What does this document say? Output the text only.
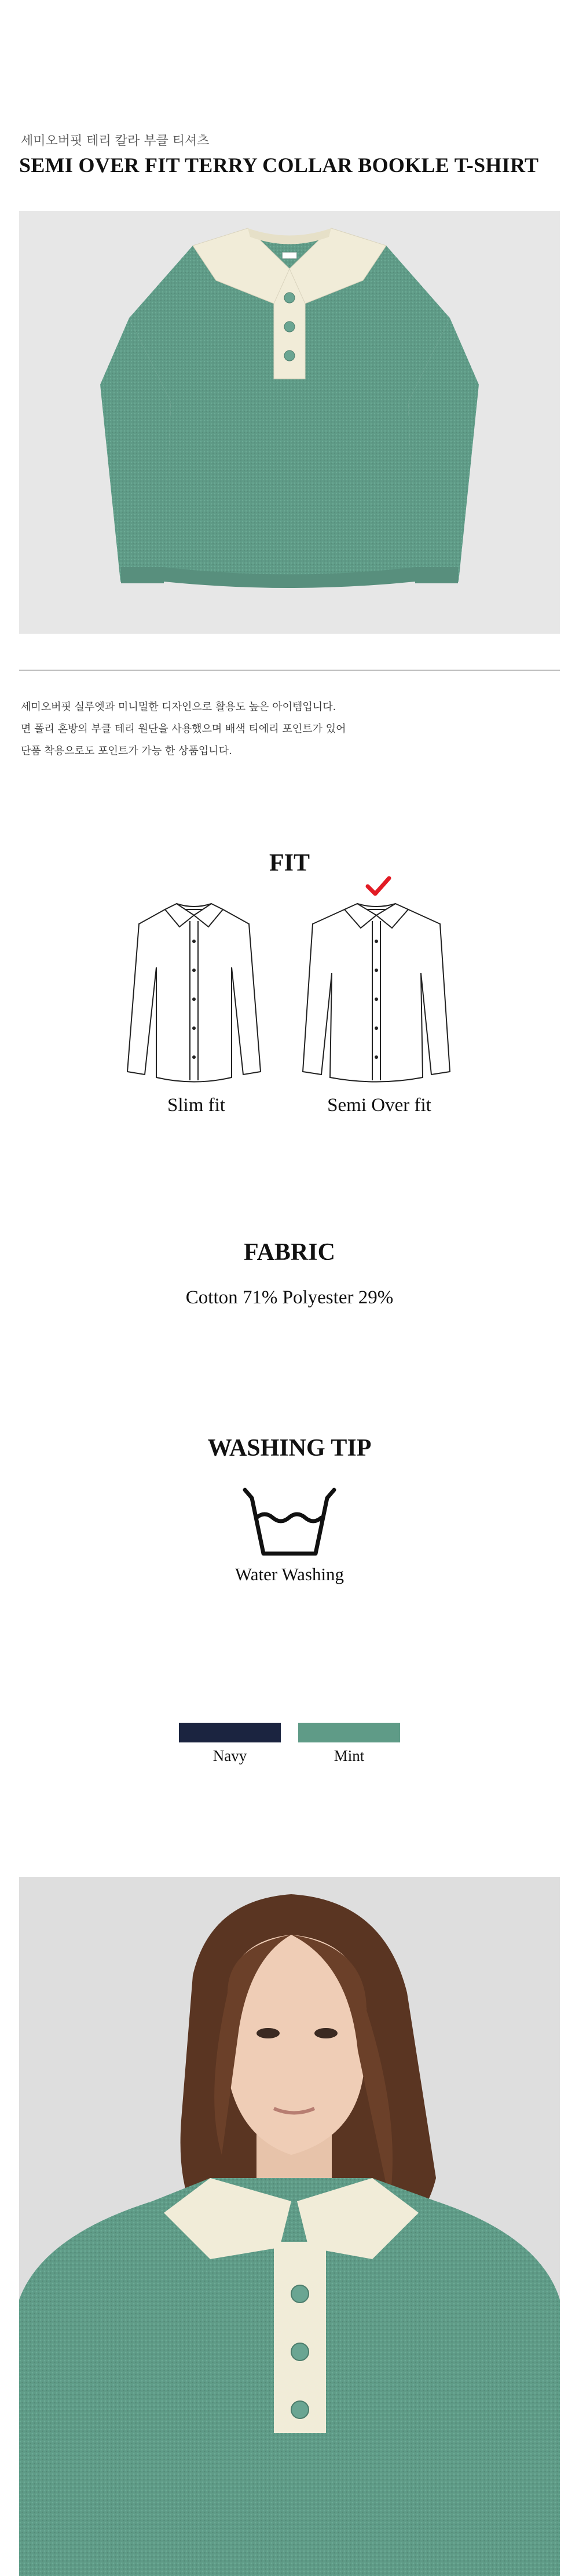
세미오버핏 테리 칼라 부클 티셔츠
SEMI OVER FIT TERRY COLLAR BOOKLE T-SHIRT
세미오버핏 실루엣과 미니멀한 디자인으로 활용도 높은 아이템입니다.
면 폴리 혼방의 부클 테리 원단을 사용했으며 배색 티에리 포인트가 있어
단품 착용으로도 포인트가 가능 한 상품입니다.
FIT
Slim fit	Semi Over fit
FABRIC
Cotton 71% Polyester 29%
WASHING TIP
Water Washing
Navy	Mint
